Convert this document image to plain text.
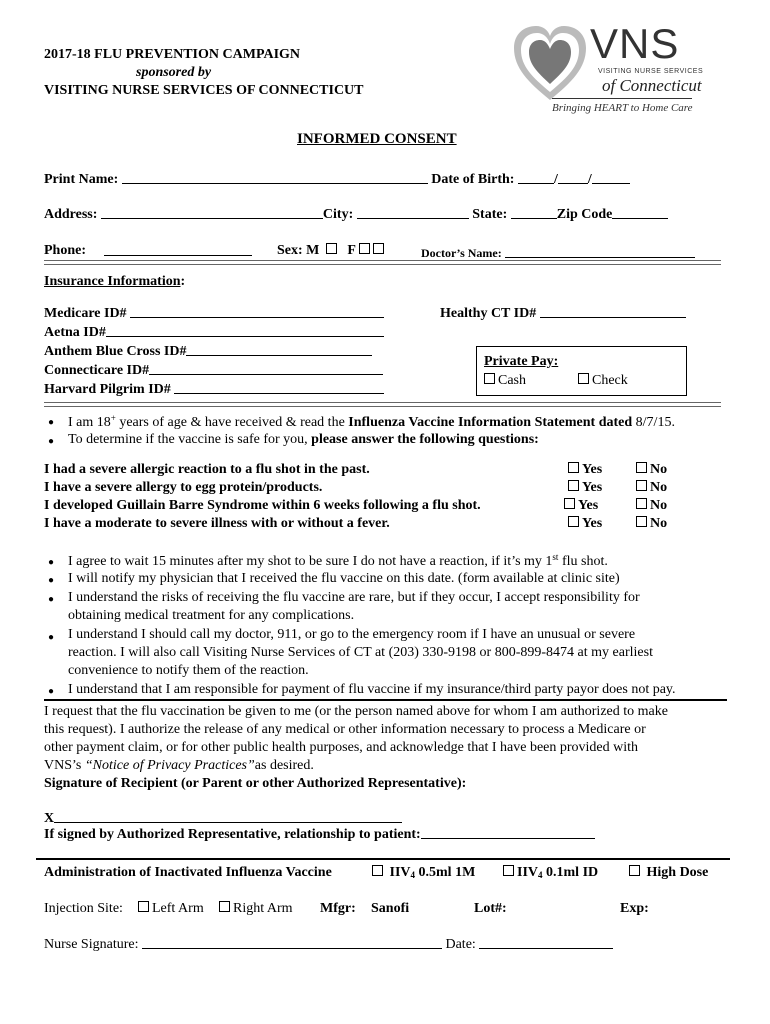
2017-18 FLU PREVENTION CAMPAIGN
sponsored by
VISITING NURSE SERVICES OF CONNECTICUT
VNS
VISITING NURSE SERVICES
of Connecticut
Bringing HEART to Home Care
INFORMED CONSENT
Print Name:	Date of Birth:	/ /
Address:	City:	State:	Zip Code
Phone:	Sex: M F	Doctor’s Name:
Insurance Information:
Medicare ID#
Aetna ID#
Anthem Blue Cross ID#
Connecticare ID#
Harvard Pilgrim ID#
Healthy CT ID#
Private Pay:
Cash	Check
● I am 18+ years of age & have received & read the Influenza Vaccine Information Statement dated 8/7/15.
● To determine if the vaccine is safe for you, please answer the following questions:
I had a severe allergic reaction to a flu shot in the past.	Yes	No
I have a severe allergy to egg protein/products.	Yes	No
I developed Guillain Barre Syndrome within 6 weeks following a flu shot.	Yes	No
I have a moderate to severe illness with or without a fever.	Yes	No
● I agree to wait 15 minutes after my shot to be sure I do not have a reaction, if it’s my 1st flu shot.
● I will notify my physician that I received the flu vaccine on this date. (form available at clinic site)
● I understand the risks of receiving the flu vaccine are rare, but if they occur, I accept responsibility for
obtaining medical treatment for any complications.
● I understand I should call my doctor, 911, or go to the emergency room if I have an unusual or severe
reaction. I will also call Visiting Nurse Services of CT at (203) 330-9198 or 800-899-8474 at my earliest
convenience to notify them of the reaction.
● I understand that I am responsible for payment of flu vaccine if my insurance/third party payor does not pay.
I request that the flu vaccination be given to me (or the person named above for whom I am authorized to make
this request). I authorize the release of any medical or other information necessary to process a Medicare or
other payment claim, or for other public health purposes, and acknowledge that I have been provided with
VNS’s “Notice of Privacy Practices”as desired.
Signature of Recipient (or Parent or other Authorized Representative):
X
If signed by Authorized Representative, relationship to patient:
Administration of Inactivated Influenza Vaccine	$IIV_4$ 0.5ml 1M	$IIV_4$ 0.1ml ID	High Dose
Injection Site:	Left Arm	Right Arm Mfgr: Sanofi	Lot#:	Exp:
Nurse Signature:	Date:
